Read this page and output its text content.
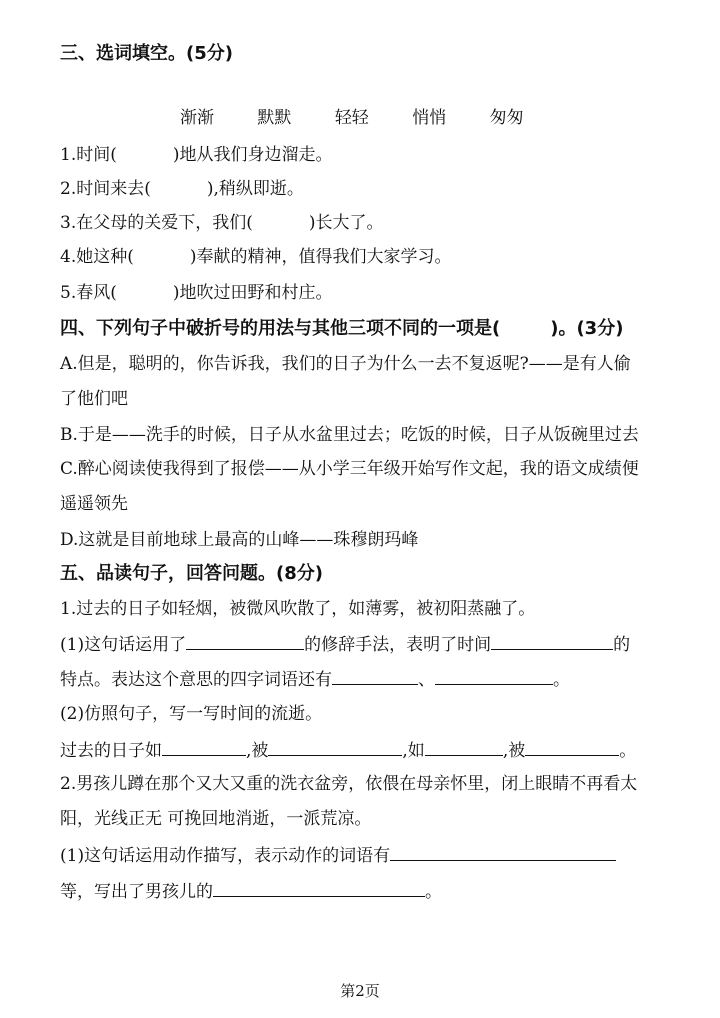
三、选词填空。(5分)
渐渐	默默	轻轻	悄悄	匆匆
1.时间(	)地从我们身边溜走。
2.时间来去(	),稍纵即逝。
3.在父母的关爱下，我们(	)长大了。
4.她这种(	)奉献的精神，值得我们大家学习。
5.春风(	)地吹过田野和村庄。
四、下列句子中破折号的用法与其他三项不同的一项是(	)。(3分)
A.但是，聪明的，你告诉我，我们的日子为什么一去不复返呢?——是有人偷
了他们吧
B.于是——洗手的时候，日子从水盆里过去；吃饭的时候，日子从饭碗里过去
C.醉心阅读使我得到了报偿——从小学三年级开始写作文起，我的语文成绩便
遥遥领先
D.这就是目前地球上最高的山峰——珠穆朗玛峰
五、品读句子，回答问题。(8分)
1.过去的日子如轻烟，被微风吹散了，如薄雾，被初阳蒸融了。
(1)这句话运用了	的修辞手法，表明了时间	的
特点。表达这个意思的四字词语还有	、	。
(2)仿照句子，写一写时间的流逝。
过去的日子如	,被	,如	,被	。
2.男孩儿蹲在那个又大又重的洗衣盆旁，依偎在母亲怀里，闭上眼睛不再看太
阳，光线正无 可挽回地消逝，一派荒凉。
(1)这句话运用动作描写，表示动作的词语有
等，写出了男孩儿的	。
第2页
